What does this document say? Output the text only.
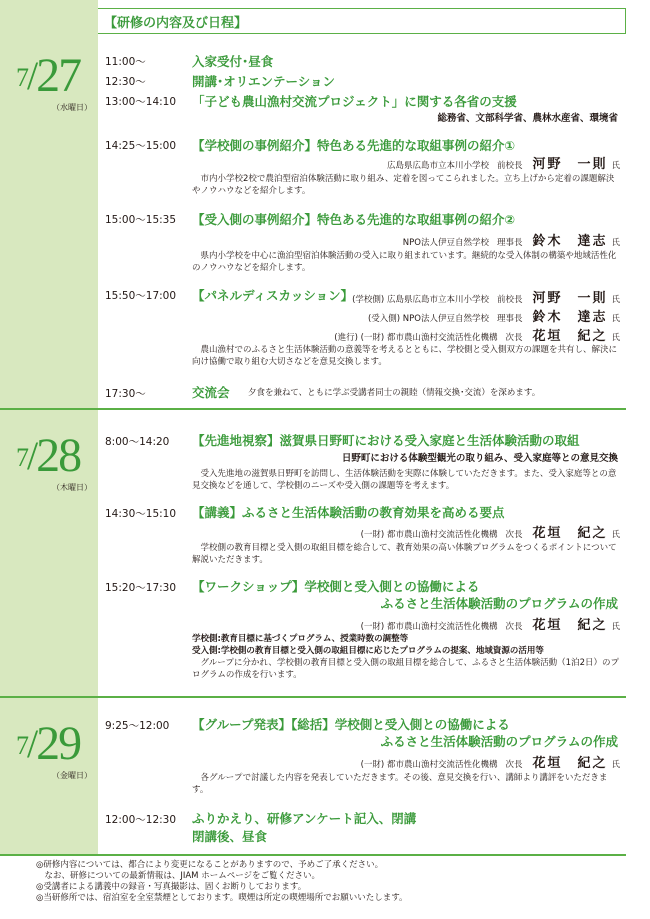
【研修の内容及び日程】
$^{7/}$27
（水曜日）
11:00～	入家受付･昼食
12:30～	開講･オリエンテーション
13:00～14:10 「子ども農山漁村交流プロジェクト」に関する各省の支援
総務省、文部科学省、農林水産省、環境省
14:25～15:00 【学校側の事例紹介】特色ある先進的な取組事例の紹介①
広島県広島市立本川小学校 前校長 河野　一則 氏
市内小学校2校で農泊型宿泊体験活動に取り組み、定着を図ってこられました。立ち上げから定着の課題解決やノウハウなどを紹介します。
15:00～15:35 【受入側の事例紹介】特色ある先進的な取組事例の紹介②
NPO法人伊豆自然学校 理事長 鈴木　達志 氏
県内小学校を中心に漁泊型宿泊体験活動の受入に取り組まれています。継続的な受入体制の構築や地域活性化のノウハウなどを紹介します。
15:50～17:00 【パネルディスカッション】
(学校側) 広島県広島市立本川小学校 前校長 河野　一則 氏
(受入側) NPO法人伊豆自然学校 理事長 鈴木　達志 氏
(進行) (一財) 都市農山漁村交流活性化機構 次長 花垣　紀之 氏
農山漁村でのふるさと生活体験活動の意義等を考えるとともに、学校側と受入側双方の課題を共有し、解決に向け協働で取り組む大切さなどを意見交換します。
17:30～	交流会 夕食を兼ねて、ともに学ぶ受講者同士の親睦（情報交換･交流）を深めます。
$^{7/}$28
（木曜日）
8:00～14:20 【先進地視察】滋賀県日野町における受入家庭と生活体験活動の取組
日野町における体験型観光の取り組み、受入家庭等との意見交換
受入先進地の滋賀県日野町を訪問し、生活体験活動を実際に体験していただきます。また、受入家庭等との意見交換などを通して、学校側のニーズや受入側の課題等を考えます。
14:30～15:10 【講義】ふるさと生活体験活動の教育効果を高める要点
(一財) 都市農山漁村交流活性化機構 次長 花垣　紀之 氏
学校側の教育目標と受入側の取組目標を総合して、教育効果の高い体験プログラムをつくるポイントについて解説いただきます。
15:20～17:30 【ワークショップ】学校側と受入側との協働による
ふるさと生活体験活動のプログラムの作成
(一財) 都市農山漁村交流活性化機構 次長 花垣　紀之 氏
学校側:教育目標に基づくプログラム、授業時数の調整等
受入側:学校側の教育目標と受入側の取組目標に応じたプログラムの提案、地域資源の活用等
グループに分かれ、学校側の教育目標と受入側の取組目標を総合して、ふるさと生活体験活動（1泊2日）のプログラムの作成を行います。
$^{7/}$29
（金曜日）
9:25～12:00 【グループ発表】【総括】学校側と受入側との協働による
ふるさと生活体験活動のプログラムの作成
(一財) 都市農山漁村交流活性化機構 次長 花垣　紀之 氏
各グループで討議した内容を発表していただきます。その後、意見交換を行い、講師より講評をいただきます。
12:00～12:30 ふりかえり、研修アンケート記入、閉講
閉講後、昼食
◎研修内容については、都合により変更になることがありますので、予めご了承ください。
　なお、研修についての最新情報は、JIAM ホームページをご覧ください。
◎受講者による講義中の録音・写真撮影は、固くお断りしております。
◎当研修所では、宿泊室を全室禁煙としております。喫煙は所定の喫煙場所でお願いいたします。
